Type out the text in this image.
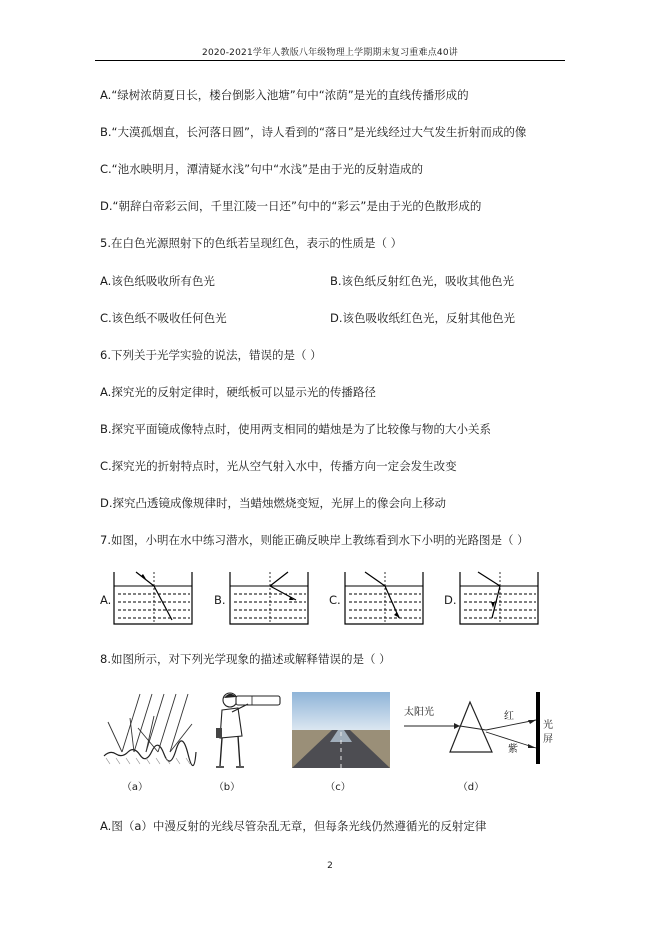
2020-2021学年人教版八年级物理上学期期末复习重难点40讲
A.“绿树浓荫夏日长，楼台倒影入池塘”句中“浓荫”是光的直线传播形成的
B.“大漠孤烟直，长河落日圆”，诗人看到的“落日”是光线经过大气发生折射而成的像
C.“池水映明月，潭清疑水浅”句中“水浅”是由于光的反射造成的
D.“朝辞白帝彩云间，千里江陵一日还”句中的“彩云”是由于光的色散形成的
5.在白色光源照射下的色纸若呈现红色，表示的性质是（ ）
A.该色纸吸收所有色光	B.该色纸反射红色光，吸收其他色光
C.该色纸不吸收任何色光	D.该色吸收纸红色光，反射其他色光
6.下列关于光学实验的说法，错误的是（ ）
A.探究光的反射定律时，硬纸板可以显示光的传播路径
B.探究平面镜成像特点时，使用两支相同的蜡烛是为了比较像与物的大小关系
C.探究光的折射特点时，光从空气射入水中，传播方向一定会发生改变
D.探究凸透镜成像规律时，当蜡烛燃烧变短，光屏上的像会向上移动
7.如图，小明在水中练习潜水，则能正确反映岸上教练看到水下小明的光路图是（ ）
A.	B.	C.	D.
8.如图所示，对下列光学现象的描述或解释错误的是（ ）
（a）	（b）	（c）
太阳光	红
紫
光
屏
（d）
A.图（a）中漫反射的光线尽管杂乱无章，但每条光线仍然遵循光的反射定律
2
